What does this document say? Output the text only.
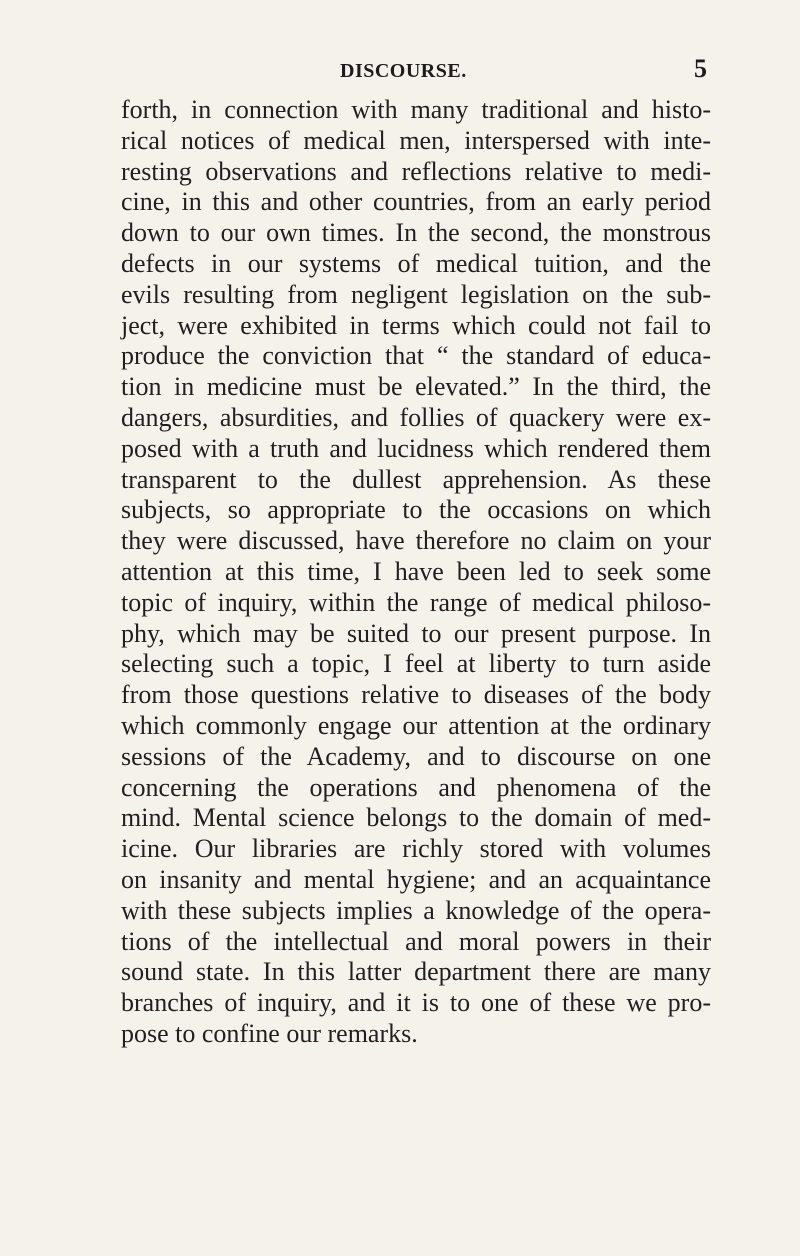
DISCOURSE.	5
forth, in connection with many traditional and histo-
rical notices of medical men, interspersed with inte-
resting observations and reflections relative to medi-
cine, in this and other countries, from an early period
down to our own times. In the second, the monstrous
defects in our systems of medical tuition, and the
evils resulting from negligent legislation on the sub-
ject, were exhibited in terms which could not fail to
produce the conviction that “ the standard of educa-
tion in medicine must be elevated.” In the third, the
dangers, absurdities, and follies of quackery were ex-
posed with a truth and lucidness which rendered them
transparent to the dullest apprehension. As these
subjects, so appropriate to the occasions on which
they were discussed, have therefore no claim on your
attention at this time, I have been led to seek some
topic of inquiry, within the range of medical philoso-
phy, which may be suited to our present purpose. In
selecting such a topic, I feel at liberty to turn aside
from those questions relative to diseases of the body
which commonly engage our attention at the ordinary
sessions of the Academy, and to discourse on one
concerning the operations and phenomena of the
mind. Mental science belongs to the domain of med-
icine. Our libraries are richly stored with volumes
on insanity and mental hygiene; and an acquaintance
with these subjects implies a knowledge of the opera-
tions of the intellectual and moral powers in their
sound state. In this latter department there are many
branches of inquiry, and it is to one of these we pro-
pose to confine our remarks.
